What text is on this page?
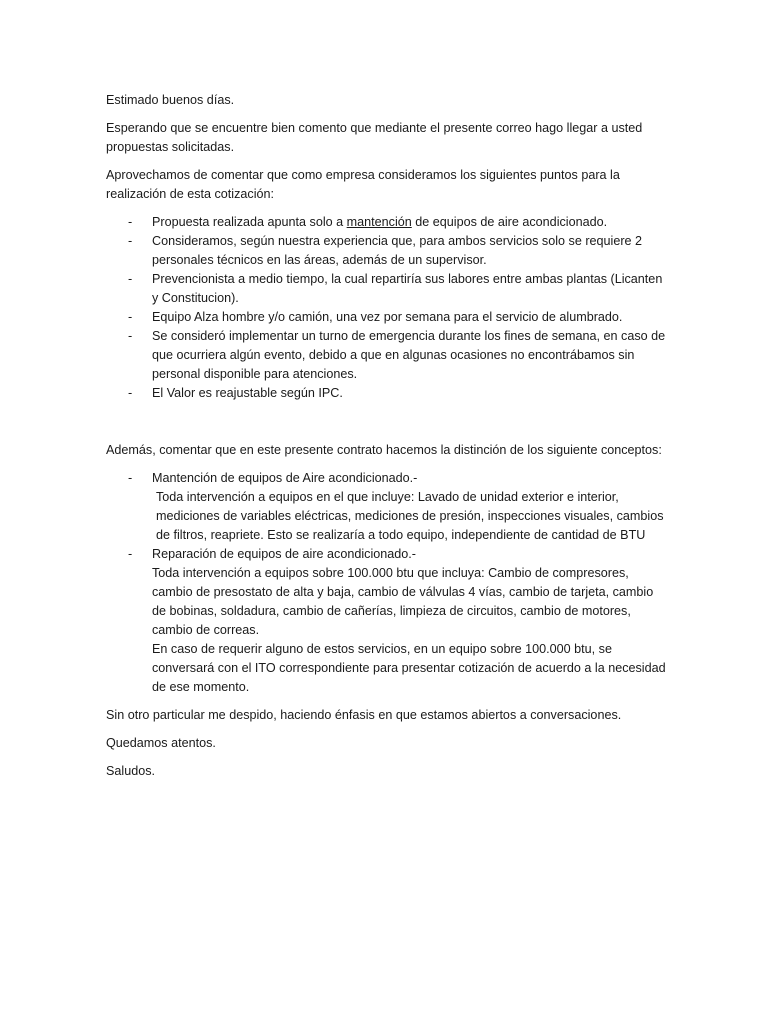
Estimado buenos días.

Esperando que se encuentre bien comento que mediante el presente correo hago llegar a usted propuestas solicitadas.

Aprovechamos de comentar que como empresa consideramos los siguientes puntos para la realización de esta cotización:

- Propuesta realizada apunta solo a mantención de equipos de aire acondicionado.
- Consideramos, según nuestra experiencia que, para ambos servicios solo se requiere 2 personales técnicos en las áreas, además de un supervisor.
- Prevencionista a medio tiempo, la cual repartiría sus labores entre ambas plantas (Licanten y Constitucion).
- Equipo Alza hombre y/o camión, una vez por semana para el servicio de alumbrado.
- Se consideró implementar un turno de emergencia durante los fines de semana, en caso de que ocurriera algún evento, debido a que en algunas ocasiones no encontrábamos sin personal disponible para atenciones.
- El Valor es reajustable según IPC.

Además, comentar que en este presente contrato hacemos la distinción de los siguiente conceptos:

- Mantención de equipos de Aire acondicionado.-
Toda intervención a equipos en el que incluye: Lavado de unidad exterior e interior, mediciones de variables eléctricas, mediciones de presión, inspecciones visuales, cambios de filtros, reapriete. Esto se realizaría a todo equipo, independiente de cantidad de BTU
- Reparación de equipos de aire acondicionado.-
Toda intervención a equipos sobre 100.000 btu que incluya: Cambio de compresores, cambio de presostato de alta y baja, cambio de válvulas 4 vías, cambio de tarjeta, cambio de bobinas, soldadura, cambio de cañerías, limpieza de circuitos, cambio de motores, cambio de correas.
En caso de requerir alguno de estos servicios, en un equipo sobre 100.000 btu, se conversará con el ITO correspondiente para presentar cotización de acuerdo a la necesidad de ese momento.

Sin otro particular me despido, haciendo énfasis en que estamos abiertos a conversaciones.

Quedamos atentos.

Saludos.
